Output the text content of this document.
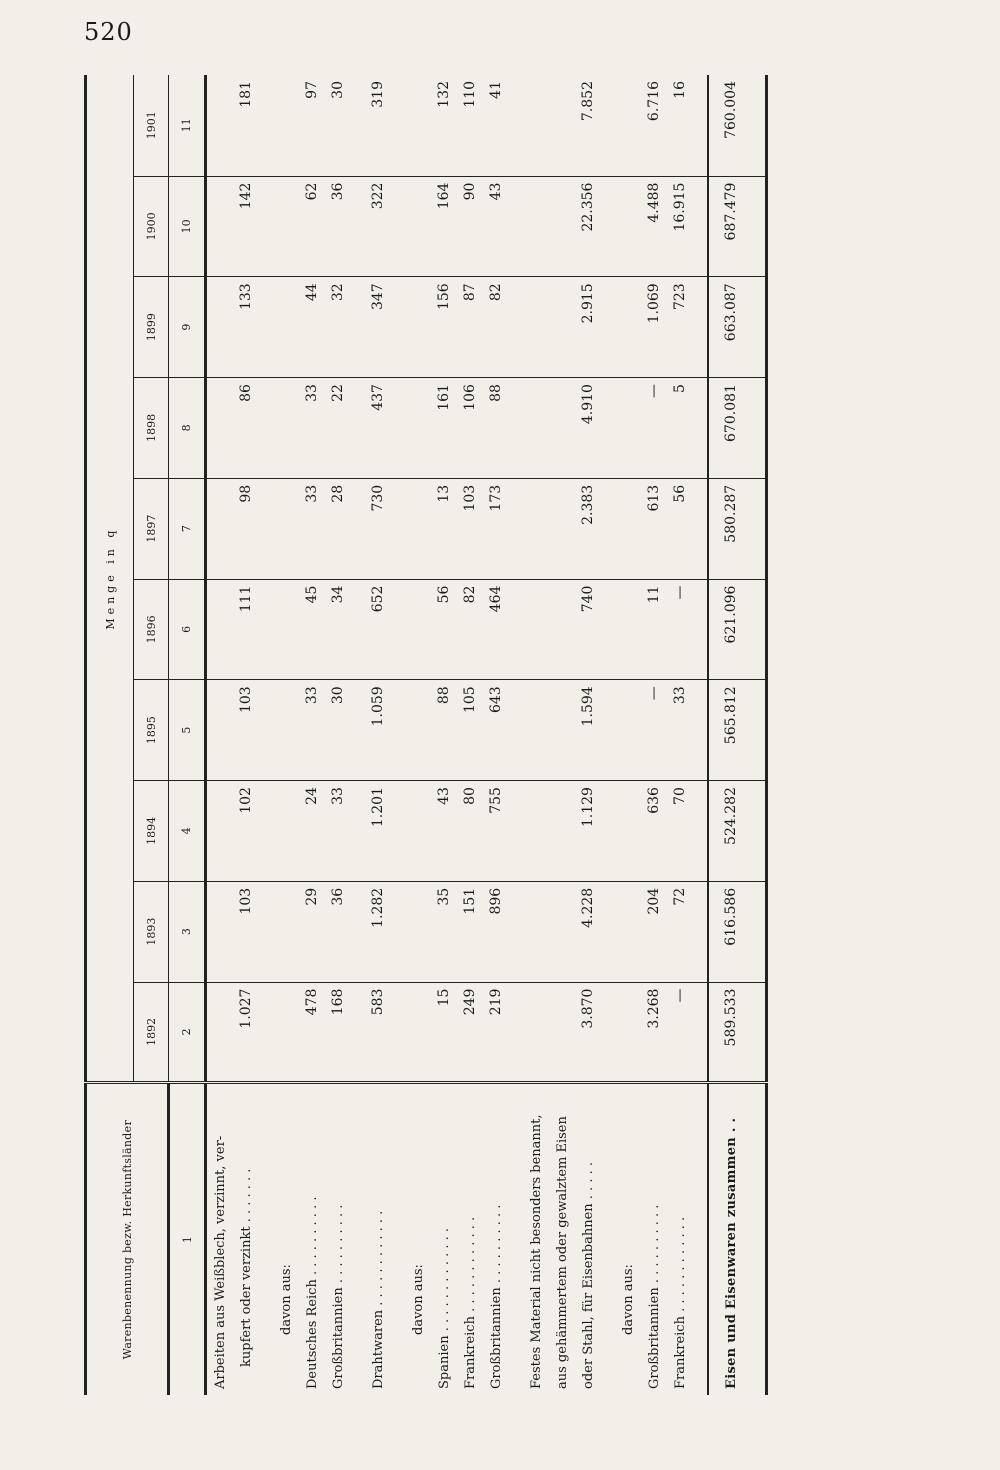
520
Warenbenennung bezw. Herkunftsländer	Menge in q									
	1892	1893	1894	1895	1896	1897	1898	1899	1900	1901
1	2	3	4	5	6	7	8	9	10	11
Arbeiten aus Weißblech, verzinnt, ver-										
kupfert oder verzinkt . . . . . . .	1.027	103	102	103	111	98	86	133	142	181

davon aus:										
Deutsches Reich . . . . . . . . . .	478	29	24	33	45	33	33	44	62	97
Großbritannien . . . . . . . . . .	168	36	33	30	34	28	22	32	36	30

Drahtwaren . . . . . . . . . . . .	583	1.282	1.201	1.059	652	730	437	347	322	319

davon aus:										
Spanien . . . . . . . . . . . . .	15	35	43	88	56	13	161	156	164	132
Frankreich . . . . . . . . . . . .	249	151	80	105	82	103	106	87	90	110
Großbritannien . . . . . . . . . .	219	896	755	643	464	173	88	82	43	41

Festes Material nicht besonders benannt,										
aus gehämmertem oder gewalztem Eisen										
oder Stahl, für Eisenbahnen . . . . .	3.870	4.228	1.129	1.594	740	2.383	4.910	2.915	22.356	7.852

davon aus:										
Großbritannien . . . . . . . . . .	3.268	204	636	—	11	613	—	1.069	4.488	6.716
Frankreich . . . . . . . . . . . .	—	72	70	33	—	56	5	723	16.915	16

Eisen und Eisenwaren zusammen . .	589.533	616.586	524.282	565.812	621.096	580.287	670.081	663.087	687.479	760.004
